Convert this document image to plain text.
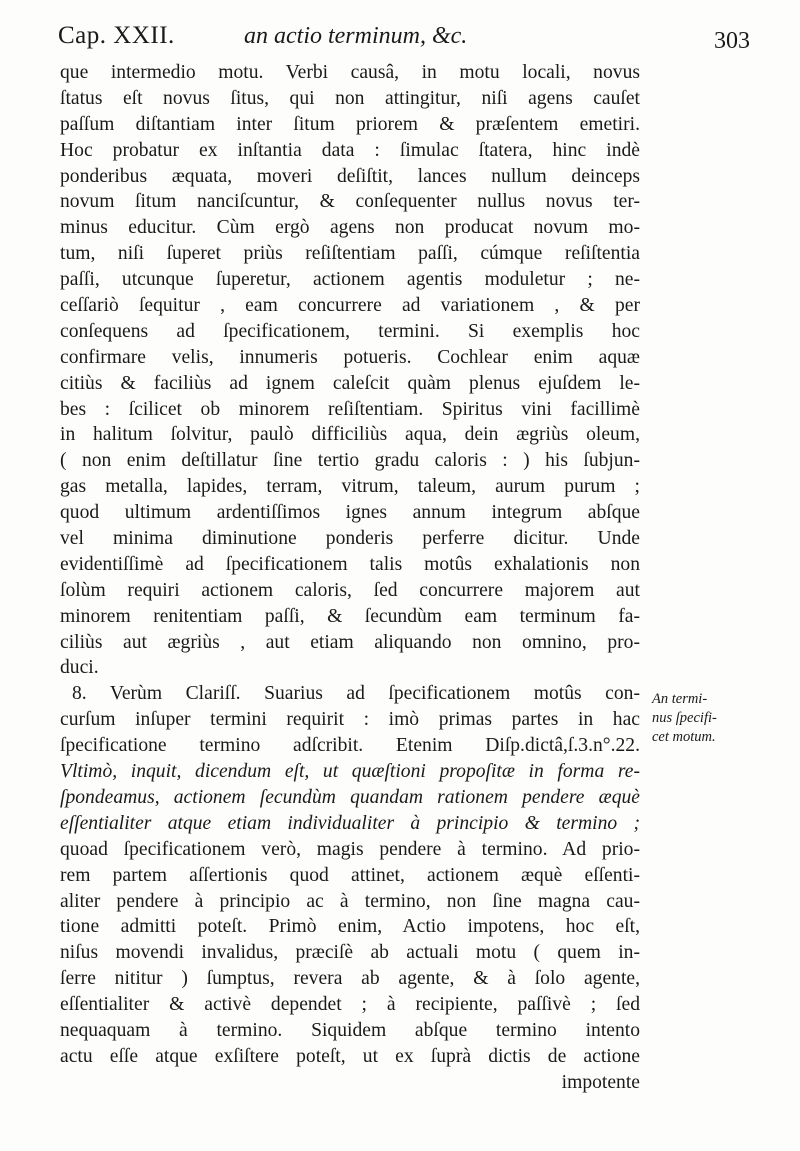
Cap. XXII.	an actio terminum, &c.	303
que intermedio motu. Verbi causâ, in motu locali, novus
ſtatus eſt novus ſitus, qui non attingitur, niſi agens cauſet
paſſum diſtantiam inter ſitum priorem & præſentem emetiri.
Hoc probatur ex inſtantia data : ſimulac ſtatera, hinc indè
ponderibus æquata, moveri deſiſtit, lances nullum deinceps
novum ſitum nanciſcuntur, & conſequenter nullus novus ter-
minus educitur. Cùm ergò agens non producat novum mo-
tum, niſi ſuperet priùs reſiſtentiam paſſi, cúmque reſiſtentia
paſſi, utcunque ſuperetur, actionem agentis moduletur ; ne-
ceſſariò ſequitur , eam concurrere ad variationem , & per
conſequens ad ſpecificationem, termini. Si exemplis hoc
confirmare velis, innumeris potueris. Cochlear enim aquæ
citiùs & faciliùs ad ignem caleſcit quàm plenus ejuſdem le-
bes : ſcilicet ob minorem reſiſtentiam. Spiritus vini facillimè
in halitum ſolvitur, paulò difficiliùs aqua, dein ægriùs oleum,
( non enim deſtillatur ſine tertio gradu caloris : ) his ſubjun-
gas metalla, lapides, terram, vitrum, taleum, aurum purum ;
quod ultimum ardentiſſimos ignes annum integrum abſque
vel minima diminutione ponderis perferre dicitur. Unde
evidentiſſimè ad ſpecificationem talis motûs exhalationis non
ſolùm requiri actionem caloris, ſed concurrere majorem aut
minorem renitentiam paſſi, & ſecundùm eam terminum fa-
ciliùs aut ægriùs , aut etiam aliquando non omnino, pro-
duci.
8. Verùm Clariſſ. Suarius ad ſpecificationem motûs con-
curſum inſuper termini requirit : imò primas partes in hac
ſpecificatione termino adſcribit. Etenim Diſp.dictâ,ſ.3.n°.22.
Vltimò, inquit, dicendum eſt, ut quæſtioni propoſitæ in forma re-
ſpondeamus, actionem ſecundùm quandam rationem pendere æquè
eſſentialiter atque etiam individualiter à principio & termino ;
quoad ſpecificationem verò, magis pendere à termino. Ad prio-
rem partem aſſertionis quod attinet, actionem æquè eſſenti-
aliter pendere à principio ac à termino, non ſine magna cau-
tione admitti poteſt. Primò enim, Actio impotens, hoc eſt,
niſus movendi invalidus, præciſè ab actuali motu ( quem in-
ſerre nititur ) ſumptus, revera ab agente, & à ſolo agente,
eſſentialiter & activè dependet ; à recipiente, paſſivè ; ſed
nequaquam à termino. Siquidem abſque termino intento
actu eſſe atque exſiſtere poteſt, ut ex ſuprà dictis de actione
impotente
An termi-
nus ſpecifi-
cet motum.
